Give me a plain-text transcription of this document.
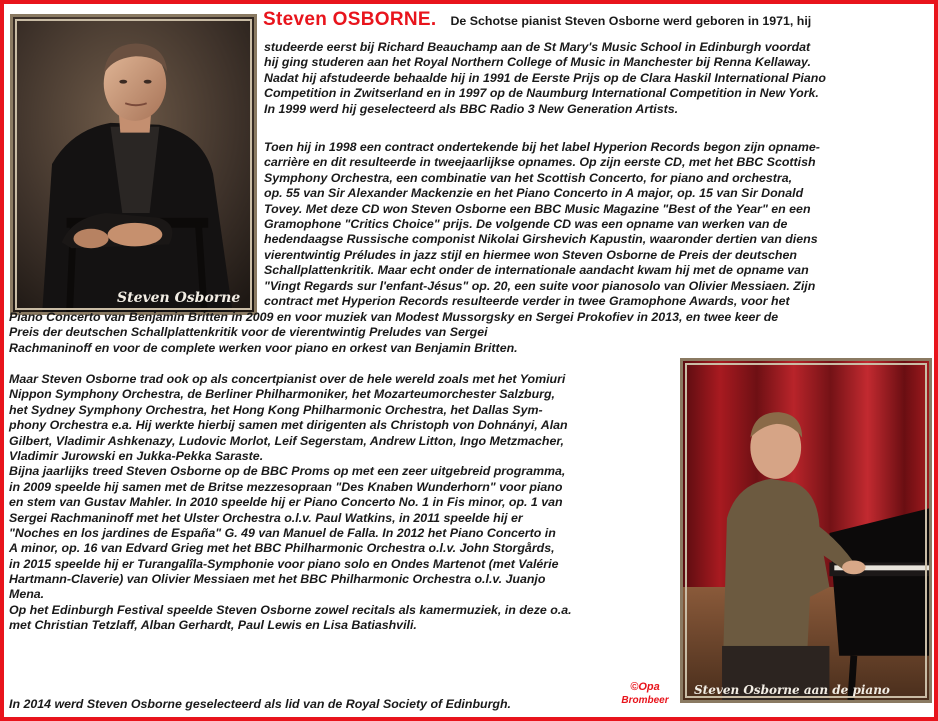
Steven Osborne
Steven Osborne aan de piano
Steven OSBORNE. De Schotse pianist Steven Osborne werd geboren in 1971, hij
studeerde eerst bij Richard Beauchamp aan de St Mary's Music School in Edinburgh voordat
hij ging studeren aan het Royal Northern College of Music in Manchester bij Renna Kellaway.
Nadat hij afstudeerde behaalde hij in 1991 de Eerste Prijs op de Clara Haskil International Piano
Competition in Zwitserland en in 1997 op de Naumburg International Competition in New York.
In 1999 werd hij geselecteerd als BBC Radio 3 New Generation Artists.
Toen hij in 1998 een contract ondertekende bij het label Hyperion Records begon zijn opname-
carrière en dit resulteerde in tweejaarlijkse opnames. Op zijn eerste CD, met het BBC Scottish
Symphony Orchestra, een combinatie van het Scottish Concerto, for piano and orchestra,
op. 55 van Sir Alexander Mackenzie en het Piano Concerto in A major, op. 15 van Sir Donald
Tovey. Met deze CD won Steven Osborne een BBC Music Magazine "Best of the Year" en een
Gramophone "Critics Choice" prijs. De volgende CD was een opname van werken van de
hedendaagse Russische componist Nikolai Girshevich Kapustin, waaronder dertien van diens
vierentwintig Préludes in jazz stijl en hiermee won Steven Osborne de Preis der deutschen
Schallplattenkritik. Maar echt onder de internationale aandacht kwam hij met de opname van
"Vingt Regards sur l'enfant-Jésus" op. 20, een suite voor pianosolo van Olivier Messiaen. Zijn
contract met Hyperion Records resulteerde verder in twee Gramophone Awards, voor het
Piano Concerto van Benjamin Britten in 2009 en voor muziek van Modest Mussorgsky en Sergei Prokofiev in 2013, en twee keer de
Preis der deutschen Schallplattenkritik voor de vierentwintig Preludes van Sergei
Rachmaninoff en voor de complete werken voor piano en orkest van Benjamin Britten.
Maar Steven Osborne trad ook op als concertpianist over de hele wereld zoals met het Yomiuri
Nippon Symphony Orchestra, de Berliner Philharmoniker, het Mozarteumorchester Salzburg,
het Sydney Symphony Orchestra, het Hong Kong Philharmonic Orchestra, het Dallas Sym-
phony Orchestra e.a. Hij werkte hierbij samen met dirigenten als Christoph von Dohnányi, Alan
Gilbert, Vladimir Ashkenazy, Ludovic Morlot, Leif Segerstam, Andrew Litton, Ingo Metzmacher,
Vladimir Jurowski en Jukka-Pekka Saraste.
Bijna jaarlijks treed Steven Osborne op de BBC Proms op met een zeer uitgebreid programma,
in 2009 speelde hij samen met de Britse mezzesopraan "Des Knaben Wunderhorn" voor piano
en stem van Gustav Mahler. In 2010 speelde hij er Piano Concerto No. 1 in Fis minor, op. 1 van
Sergei Rachmaninoff met het Ulster Orchestra o.l.v. Paul Watkins, in 2011 speelde hij er
"Noches en los jardines de España" G. 49 van Manuel de Falla. In 2012 het Piano Concerto in
A minor, op. 16 van Edvard Grieg met het BBC Philharmonic Orchestra o.l.v. John Storgårds,
in 2015 speelde hij er Turangalîla-Symphonie voor piano solo en Ondes Martenot (met Valérie
Hartmann-Claverie) van Olivier Messiaen met het BBC Philharmonic Orchestra o.l.v. Juanjo
Mena.
Op het Edinburgh Festival speelde Steven Osborne zowel recitals als kamermuziek, in deze o.a.
met Christian Tetzlaff, Alban Gerhardt, Paul Lewis en Lisa Batiashvili.
In 2014 werd Steven Osborne geselecteerd als lid van de Royal Society of Edinburgh.
©Opa
Brombeer
